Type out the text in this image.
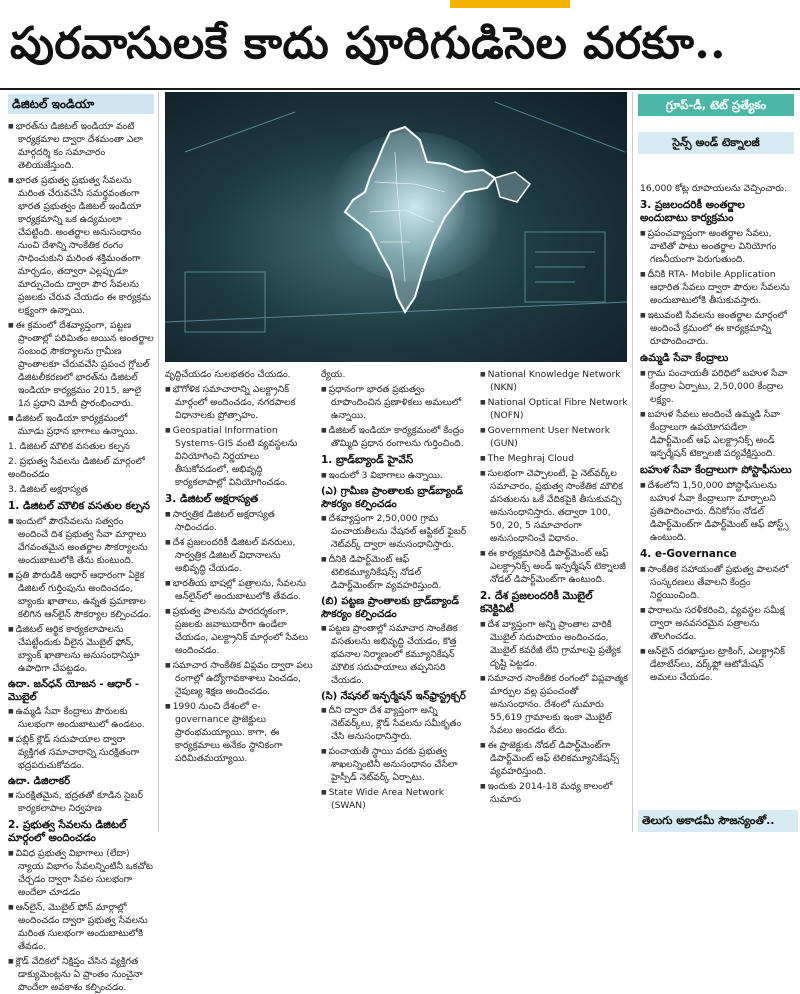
పురవాసులకే కాదు పూరిగుడిసెల వరకూ..
డిజిటల్ ఇండియా

■ భారత్‌ను డిజిటల్ ఇండియా వంటి కార్యక్రమాల ద్వారా దేశమంతా ఎలా మార్గదర్శి కం సమాచారం తెలియజేస్తుంది.

■ భారత ప్రభుత్వ ప్రభుత్వ సేవలను మరింత చేరువచేసి సమర్థవంతంగా భారత ప్రభుత్వం డిజిటల్ ఇండియా కార్యక్రమాన్ని ఒక ఉద్యమంలా చేపట్టింది. అంతర్జాల అనుసంధానం నుంచి దేశాన్ని సాంకేతిక రంగం సాధించుకుని మరింత శక్తిమంతంగా మార్చడం, తద్వారా ఎల్లప్పుడూ మార్పుచెందు ద్వారా పౌర సేవలను ప్రజలకు చేరువ చేయడం ఈ కార్యక్రమ లక్ష్యంగా ఉన్నాయి.

■ ఈ క్రమంలో దేశవ్యాప్తంగా, పట్టణ ప్రాంతాల్లో పరిమితం అయిన అంతర్జాల సంబంధ సౌకర్యాలను గ్రామీణ ప్రాంతాలకూ చేరువచేసి ప్రపంచ గ్లోబల్ డిజిటలీకరణలో భారత్‌ను డిజిటల్ ఇండియా కార్యక్రమం 2015, జూలై 1న ప్రధాని మోదీ ప్రారంభించారు.

■ డిజిటల్ ఇండియా కార్యక్రమంలో మూడు ప్రధాన భాగాలు ఉన్నాయి.

1. డిజిటల్ మౌలిక వసతుల కల్పన

2. ప్రభుత్వ సేవలను డిజిటల్ మార్గంలో అందించడం

3. డిజిటల్ అక్షరాస్యత

1. డిజిటల్ మౌలిక వసతుల కల్పన

■ ఇందులో పౌరసేవలను సత్వరం అందించే దిశ ప్రభుత్వ సేవా మార్గాలు వేగవంతమైన అంతర్జాల సౌకర్యాలను అందుబాటులోకి తేను కుంటుంది.

■ ప్రతి పౌరుడికి ఆధార్ ఆధారంగా ఏకైక డిజిటల్ గుర్తింపును అందించడం, బ్యాంకు ఖాతాలు, ఉన్నత ప్రమాణాల కలిగిన ఆన్‌లైన్ సౌకర్యాల కల్పించడం.

■ డిజిటల్ ఆర్థిక కార్యకలాపాలను చేపట్టేందుకు వీలైన మొబైల్ ఫోన్, బ్యాంక్ ఖాతాలను అనుసంధానిస్తూ ఉపాధిగా చేపట్టడం.

ఉదా. జన్‌ధన్ యోజన - ఆధార్ - మొబైల్

■ ఉమ్మడి సేవా కేంద్రాలు పౌరులకు సులభంగా అందుబాటులో ఉండటం.

■ పబ్లిక్ క్లౌడ్ సదుపాయాల ద్వారా వ్యక్తిగత సమాచారాన్ని సురక్షితంగా భద్రపరుచుకోవడం.

ఉదా. డిజిలాకర్

■ సురక్షితమైన, భద్రతతో కూడిన సైబర్ కార్యకలాపాల నిర్వహణ

2. ప్రభుత్వ సేవలను డిజిటల్ మార్గంలో అందించడం

■ వివిధ ప్రభుత్వ విభాగాలు (లేదా) న్యాయ విభాగం సేవలన్నింటినీ ఒకచోట చేర్చడం ద్వారా సేవల సులభంగా అందేలా చూడడం

■ ఆన్‌లైన్, మొబైల్ ఫోన్ మార్గాల్లో అందించడం ద్వారా ప్రభుత్వ సేవలను మరింత సులభంగా అందుబాటులోకి తేవడం.

■ క్లౌడ్ వేదికలో నిక్షిప్తం చేసిన వ్యక్తిగత డాక్యుమెంట్లను ఏ ప్రాంతం నుంచైనా పొందేలా అవకాశం కల్పించడం.

వృద్ధిచేయడం సులభతరం చేయడం.

■ భౌగోళిక సమాచారాన్ని ఎలక్ట్రానిక్ మార్గంలో అందించడం, నగరపాలక విధానాలకు ప్రోత్సాహం.

■ Geospatial Information Systems-GIS వంటి వ్యవస్థలను వినియోగించి నిర్ణయాలు తీసుకోవడంలో, అభివృద్ధి కార్యకలాపాల్లో వినియోగించడం.

3. డిజిటల్ అక్షరాస్యత

■ సార్వత్రిక డిజిటల్ అక్షరాస్యత సాధించడం.

■ దేశ ప్రజలందరికీ డిజిటల్ వనరులు, సార్వత్రిక డిజిటల్ విధానాలను అభివృద్ధి చేయడం.

■ భారతీయ భాషల్లో పత్రాలను, సేవలను ఆన్‌లైన్‌లో అందుబాటులోకి తేవడం.

■ ప్రభుత్వ పాలనను పారదర్శకంగా, ప్రజలకు జవాబుదారీగా ఉండేలా చేయడం, ఎలక్ట్రానిక్ మార్గంలో సేవలు అందించడం.

■ సమాచార సాంకేతిక విప్లవం ద్వారా పలు రంగాల్లో ఉద్యోగావకాశాలు పెంచడం, నైపుణ్య శిక్షణ అందించడం.

■ 1990 నుంచి దేశంలో e-governance ప్రాజెక్టులు ప్రారంభమయ్యాయి. కాగా, ఈ కార్యక్రమాలు అనేకం స్థానికంగా పరిమితమయ్యాయి.

ర్యేయ.

■ ప్రధానంగా భారత ప్రభుత్వం రూపొందించిన ప్రణాళికలు అమలులో ఉన్నాయి.

■ డిజిటల్ ఇండియా కార్యక్రమంలో కేంద్రం తొమ్మిది ప్రధాన రంగాలను గుర్తించింది.

1. బ్రాడ్‌బ్యాండ్ హైవేస్

■ ఇందులో 3 విభాగాలు ఉన్నాయి.

(ఎ) గ్రామీణ ప్రాంతాలకు బ్రాడ్‌బ్యాండ్ సౌకర్యం కల్పించడం

■ దేశవ్యాప్తంగా 2,50,000 గ్రామ పంచాయతీలను నేషనల్ ఆప్టికల్ ఫైబర్ నెట్‌వర్క్ ద్వారా అనుసంధానిస్తారు.

■ దీనికి డిపార్ట్‌మెంట్ ఆఫ్ టెలికమ్యూనికేషన్స్ నోడల్ డిపార్ట్‌మెంట్‌గా వ్యవహరిస్తుంది.

(బి) పట్టణ ప్రాంతాలకు బ్రాడ్‌బ్యాండ్ సౌకర్యం కల్పించడం

■ పట్టణ ప్రాంతాల్లో సమాచార సాంకేతిక వసతులను అభివృద్ధి చేయడం, కొత్త భవనాల నిర్మాణంలో కమ్యూనికేషన్ మౌలిక సదుపాయాలు తప్పనిసరి చేయడం.

(సి) నేషనల్ ఇన్ఫర్మేషన్ ఇన్‌ఫ్రాస్ట్రక్చర్

■ దీని ద్వారా దేశ వ్యాప్తంగా అన్ని నెట్‌వర్క్‌లు, క్లౌడ్ సేవలను సమీకృతం చేసి అనుసంధానిస్తారు.

■ పంచాయతీ స్థాయి వరకు ప్రభుత్వ శాఖలన్నింటినీ అనుసంధానం చేసేలా హైస్పీడ్ నెట్‌వర్క్ ఏర్పాటు.

■ State Wide Area Network (SWAN)

■ National Knowledge Network (NKN)

■ National Optical Fibre Network (NOFN)

■ Government User Network (GUN)

■ The Meghraj Cloud

■ సులభంగా చెప్పాలంటే, పై నెట్‌వర్క్‌ల సమాచారం, ప్రభుత్వ సాంకేతిక మౌలిక వసతులను ఒకే వేదికపైకి తీసుకువచ్చి అనుసంధానిస్తారు. తద్వారా 100, 50, 20, 5 సమాచారంగా అనుసంధానించే విధానం.

■ ఈ కార్యక్రమానికి డిపార్ట్‌మెంట్ ఆఫ్ ఎలక్ట్రానిక్స్ అండ్ ఇన్ఫర్మేషన్ టెక్నాలజీ నోడల్ డిపార్ట్‌మెంట్‌గా ఉంటుంది.

2. దేశ ప్రజలందరికీ మొబైల్ కనెక్టివిటీ

■ దేశ వ్యాప్తంగా అన్ని ప్రాంతాల వారికి మొబైల్ సదుపాయం అందించడం, మొబైల్ కవరేజీ లేని గ్రామాలపై ప్రత్యేక దృష్టి పెట్టడం.

■ సమాచార సాంకేతిక రంగంలో విప్లవాత్మక మార్పుల వల్ల ప్రపంచంతో అనుసంధానం. దేశంలో సుమారు 55,619 గ్రామాలకు ఇంకా మొబైల్ సేవలు అందడం లేదు.

■ ఈ ప్రాజెక్టుకు నోడల్ డిపార్ట్‌మెంట్‌గా డిపార్ట్‌మెంట్ ఆఫ్ టెలికమ్యూనికేషన్స్ వ్యవహరిస్తుంది.

■ ఇందుకు 2014-18 మధ్య కాలంలో సుమారు

గ్రూప్-డీ, టెట్ ప్రత్యేకం
సైన్స్ అండ్ టెక్నాలజీ

16,000 కోట్ల రూపాయలను వెచ్చించారు.

3. ప్రజలందరికీ అంతర్జాల అందుబాటు కార్యక్రమం

■ ప్రపంచవ్యాప్తంగా అంతర్జాల సేవలు, వాటితో పాటు అంతర్జాల వినియోగం గణనీయంగా పెరుగుతుంది.

■ దీనికి RTA- Mobile Application ఆధారిత సేవలు ద్వారా పౌరుల సేవలను అందుబాటులోకి తీసుకువస్తారు.

■ ఇటువంటి సేవలను అంతర్జాల మార్గంలో అందించే క్రమంలో ఈ కార్యక్రమాన్ని రూపొందించారు.

ఉమ్మడి సేవా కేంద్రాలు

■ గ్రామ పంచాయతీ పరిధిలో బహుళ సేవా కేంద్రాల ఏర్పాటు, 2,50,000 కేంద్రాల లక్ష్యం.

■ బహుళ సేవలు అందించే ఉమ్మడి సేవా కేంద్రాలుగా ఉపయోగపడేలా డిపార్ట్‌మెంట్ ఆఫ్ ఎలక్ట్రానిక్స్ అండ్ ఇన్ఫర్మేషన్ టెక్నాలజీ పర్యవేక్షిస్తుంది.

బహుళ సేవా కేంద్రాలుగా పోస్టాఫీసులు

■ దేశంలోని 1,50,000 పోస్టాఫీసులను బహుళ సేవా కేంద్రాలుగా మార్చాలని ప్రతిపాదించారు. దీనికోసం నోడల్ డిపార్ట్‌మెంట్‌గా డిపార్ట్‌మెంట్ ఆఫ్ పోస్ట్స్ ఉంటుంది.

4. e-Governance

■ సాంకేతిక సహాయంతో ప్రభుత్వ పాలనలో సంస్కరణలు తేవాలని కేంద్రం నిర్ణయించింది.

■ ఫారాలను సరళీకరించి, వ్యవస్థల సమీక్ష ద్వారా అనవసరమైన పత్రాలను తొలగించడం.

■ ఆన్‌లైన్ దరఖాస్తుల ట్రాకింగ్, ఎలక్ట్రానిక్ డేటాబేస్‌లు, వర్క్‌ఫ్లో ఆటోమేషన్ అమలు చేయడం.

తెలుగు అకాడమీ సౌజన్యంతో..
